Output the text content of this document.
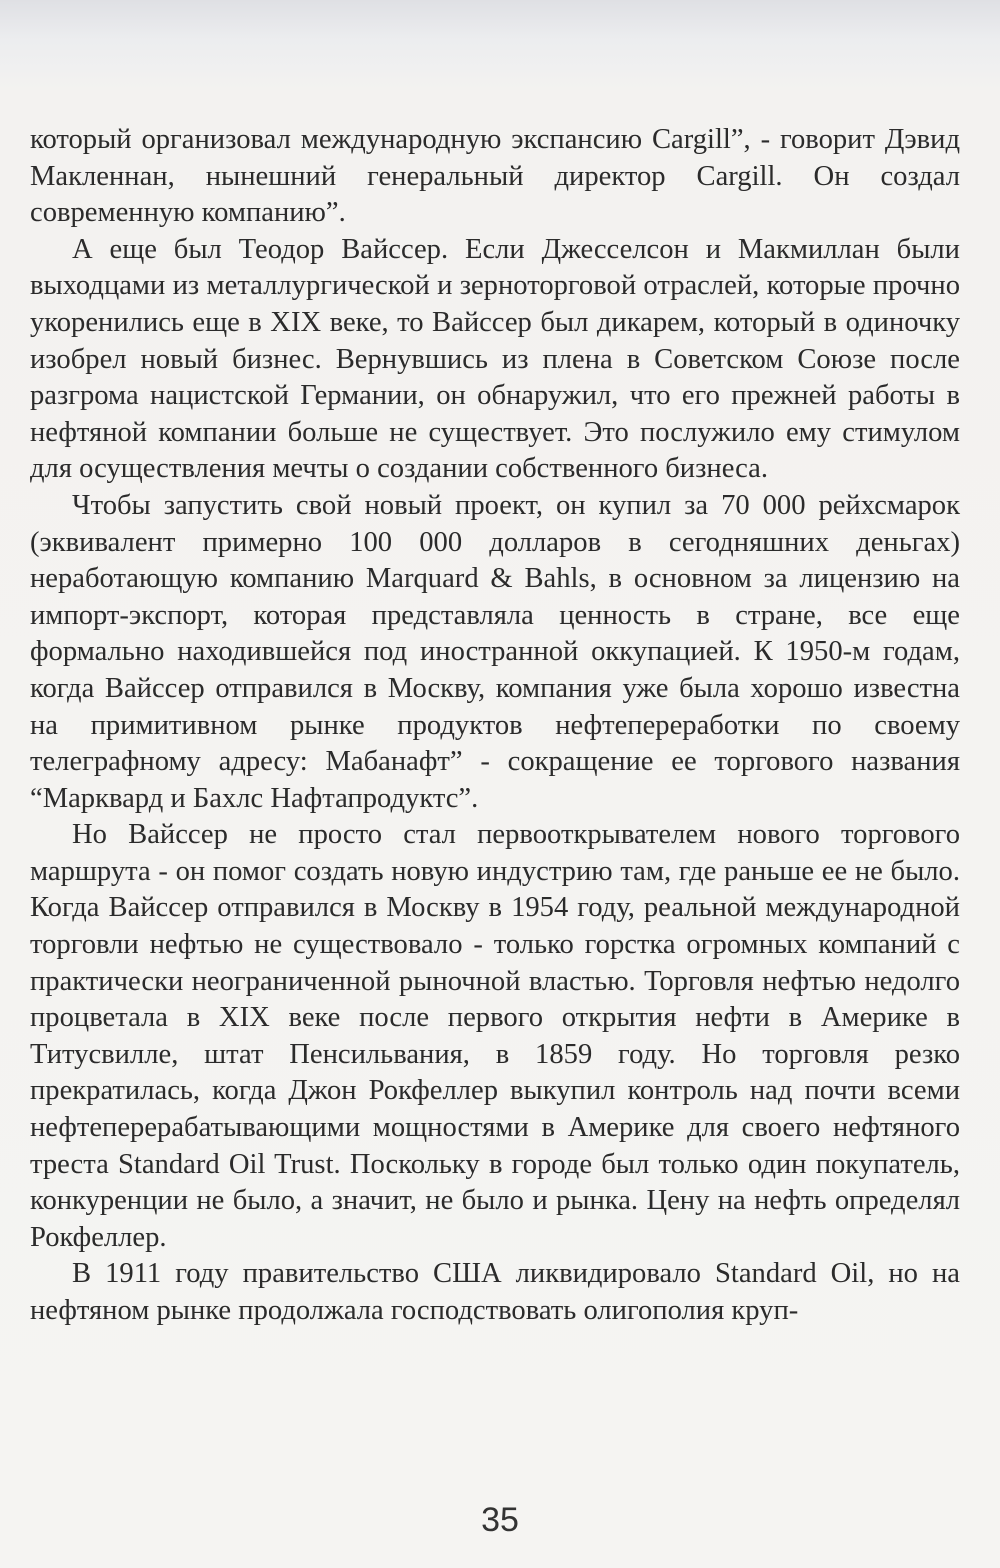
который организовал международную экспансию Cargill”, - говорит Дэвид Макленнан, нынешний генеральный директор Cargill. Он создал современную компанию”.

А еще был Теодор Вайссер. Если Джесселсон и Макмиллан были выходцами из металлургической и зерноторговой отраслей, которые прочно укоренились еще в XIX веке, то Вайссер был дикарем, который в одиночку изобрел новый бизнес. Вернувшись из плена в Советском Союзе после разгрома нацистской Германии, он обнаружил, что его прежней работы в нефтяной компании больше не существует. Это послужило ему стимулом для осуществления мечты о создании собственного бизнеса.

Чтобы запустить свой новый проект, он купил за 70 000 рейхсмарок (эквивалент примерно 100 000 долларов в сегодняшних деньгах) неработающую компанию Marquard & Bahls, в основном за лицензию на импорт-экспорт, которая представляла ценность в стране, все еще формально находившейся под иностранной оккупацией. К 1950-м годам, когда Вайссер отправился в Москву, компания уже была хорошо известна на примитивном рынке продуктов нефтепереработки по своему телеграфному адресу: Мабанафт” - сокращение ее торгового названия “Марквард и Бахлс Нафтапродуктс”.

Но Вайссер не просто стал первооткрывателем нового торгового маршрута - он помог создать новую индустрию там, где раньше ее не было. Когда Вайссер отправился в Москву в 1954 году, реальной международной торговли нефтью не существовало - только горстка огромных компаний с практически неограниченной рыночной властью. Торговля нефтью недолго процветала в XIX веке после первого открытия нефти в Америке в Титусвилле, штат Пенсильвания, в 1859 году. Но торговля резко прекратилась, когда Джон Рокфеллер выкупил контроль над почти всеми нефтеперерабатывающими мощностями в Америке для своего нефтяного треста Standard Oil Trust. Поскольку в городе был только один покупатель, конкуренции не было, а значит, не было и рынка. Цену на нефть определял Рокфеллер.

В 1911 году правительство США ликвидировало Standard Oil, но на нефтяном рынке продолжала господствовать олигополия круп-

35
